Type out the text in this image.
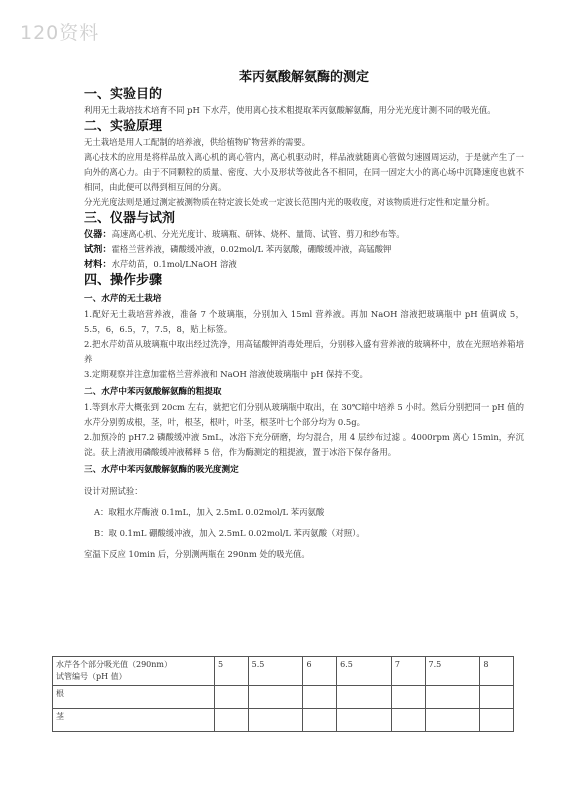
120资料
苯丙氨酸解氨酶的测定
一、实验目的

利用无土栽培技术培育不同 pH 下水芹，使用离心技术粗提取苯丙氨酸解氨酶，用分光光度计测不同的吸光值。

二、实验原理

无土栽培是用人工配制的培养液，供给植物矿物营养的需要。

离心技术的应用是将样品放入离心机的离心管内，离心机驱动时，样品液就随离心管做匀速圆周运动，于是就产生了一向外的离心力。由于不同颗粒的质量、密度、大小及形状等彼此各不相同，在同一固定大小的离心场中沉降速度也就不相同，由此便可以得到相互间的分离。

分光光度法则是通过测定被测物质在特定波长处或一定波长范围内光的吸收度，对该物质进行定性和定量分析。

三、仪器与试剂

仪器：高速离心机、分光光度计、玻璃瓶、研钵、烧杯、量筒、试管、剪刀和纱布等。

试剂：霍格兰营养液，磷酸缓冲液，0.02mol/L 苯丙氨酸，硼酸缓冲液，高锰酸钾

材料：水芹幼苗，0.1mol/LNaOH 溶液

四、操作步骤
一、水芹的无土栽培

1.配好无土栽培营养液，准备 7 个玻璃瓶，分别加入 15ml 营养液。再加 NaOH 溶液把玻璃瓶中 pH 值调成 5，5.5，6，6.5，7，7.5，8，贴上标签。

2.把水芹幼苗从玻璃瓶中取出经过洗净，用高锰酸钾消毒处理后，分别移入盛有营养液的玻璃杯中，放在光照培养箱培养

3.定期观察并注意加霍格兰营养液和 NaOH 溶液使玻璃瓶中 pH 保持不变。

二、水芹中苯丙氨酸解氨酶的粗提取

1.等到水芹大概张到 20cm 左右，就把它们分别从玻璃瓶中取出，在 30℃暗中培养 5 小时。然后分别把同一 pH 值的水芹分别剪成根，茎，叶，根茎，根叶，叶茎，根茎叶七个部分均为 0.5g。

2.加预冷的 pH7.2 磷酸缓冲液 5mL，冰浴下充分研磨，均匀混合，用 4 层纱布过滤 。4000rpm 离心 15min，弃沉淀。获上清液用磷酸缓冲液稀释 5 倍，作为酶测定的粗提液，置于冰浴下保存备用。

三、水芹中苯丙氨酸解氨酶的吸光度测定

设计对照试验：

A：取粗水芹酶液 0.1mL，加入 2.5mL 0.02mol/L 苯丙氨酸

B：取 0.1mL 硼酸缓冲液，加入 2.5mL 0.02mol/L 苯丙氨酸（对照）。

室温下反应 10min 后，分别测两瓶在 290nm 处的吸光值。

水芹各个部分吸光值（290nm）
试管编号（pH 值）	5	5.5	6	6.5	7	7.5	8
根							
茎							
